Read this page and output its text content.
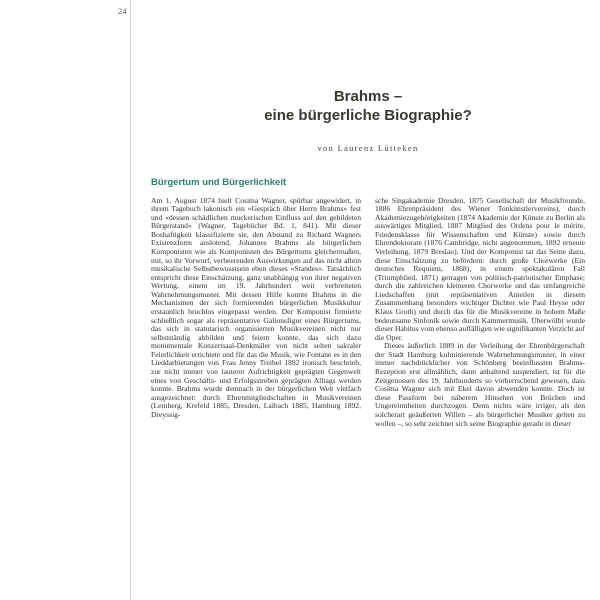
24
Brahms –
eine bürgerliche Biographie?
von Laurenz Lütteken
Bürgertum und Bürgerlichkeit

Am 1. August 1874 hielt Cosima Wagner, spürbar angewidert, in ihrem Tagebuch lakonisch ein «Gespräch über Herrn Brahms» fest und «dessen schädlichen muckerischen Einfluss auf den gebildeten Bürgerstand» (Wagner, Tagebücher Bd. 1, 841). Mit dieser Boshaftigkeit klassifizierte sie, den Abstand zu Richard Wagners Existenzform auslotend, Johannes Brahms als bürgerlichen Komponisten wie als Komponisten des Bürgertums gleichermaßen, mit, so ihr Vorwurf, verheerenden Auswirkungen auf das nicht allein musikalische Selbstbewusstsein eben dieses «Standes». Tatsächlich entspricht diese Einschätzung, ganz unabhängig von ihrer negativen Wertung, einem im 19. Jahrhundert weit verbreiteten Wahrnehmungsmuster. Mit dessen Hilfe konnte Brahms in die Mechanismen der sich formierenden bürgerlichen Musikkultur erstaunlich bruchlos eingepasst werden. Der Komponist firmierte schließlich sogar als repräsentative Galionsfigur eines Bürgertums, das sich in statutarisch organisierten Musikvereinen nicht nur selbstständig abbilden und feiern konnte, das sich dazu monumentale Konzertsaal-Denkmäler von nicht selten sakraler Feierlichkeit errichtete und für das die Musik, wie Fontane es in den Lieddarbietungen von Frau Jenny Treibel 1892 ironisch beschrieb, zur nicht immer von lauterer Aufrichtigkeit geprägten Gegenwelt eines von Geschäfts- und Erfolgsstreben geprägten Alltags werden konnte. Brahms wurde demnach in der bürgerlichen Welt vielfach ausgezeichnet: durch Ehrenmitgliedschaften in Musikvereinen (Lemberg, Krefeld 1885, Dresden, Laibach 1885, Hamburg 1892, Dreyssig-

sche Singakademie Dresden, 1875 Gesellschaft der Musikfreunde, 1886 Ehrenpräsident des Wiener Tonkünstlervereins), durch Akademiezugehörigkeiten (1874 Akademie der Künste zu Berlin als auswärtiges Mitglied, 1887 Mitglied des Ordens pour le mérite, Friedensklasse für Wissenschaften und Künste) sowie durch Ehrendoktorate (1876 Cambridge, nicht angenommen, 1892 erneute Verleihung, 1879 Breslau). Und der Komponist tat das Seine dazu, diese Einschätzung zu befördern: durch große Chorwerke (Ein deutsches Requiem, 1868), in einem spektakulären Fall (Triumphlied, 1871) getragen von politisch-patriotischer Emphase; durch die zahlreichen kleineren Chorwerke und das umfangreiche Liedschaffen (mit repräsentativen Anteilen in diesem Zusammenhang besonders wichtiger Dichter wie Paul Heyse oder Klaus Groth) und durch das für die Musikvereine in hohem Maße bedeutsame Sinfonik sowie durch Kammermusik. Überwölbt wurde dieser Habitus vom ebenso auffälligen wie signifikanten Verzicht auf die Oper.

Dieses äußerlich 1889 in der Verleihung der Ehrenbürgerschaft der Stadt Hamburg kulminierende Wahrnehmungsmuster, in einer immer nachdrücklicher von Schönberg beeinflussten Brahms-Rezeption erst allmählich, dann anhaltend suspendiert, ist für die Zeitgenossen des 19. Jahrhunderts so vorherrschend gewesen, dass Cosima Wagner sich mit Ekel davon abwenden konnte. Doch ist diese Passform bei näherem Hinsehen von Brüchen und Ungereimtheiten durchzogen. Denn nichts wäre irriger, als den solcherart geäußerten Willen – als bürgerlicher Musiker gelten zu wollen –, so sehr zeichnet sich seine Biographie gerade in dieser
